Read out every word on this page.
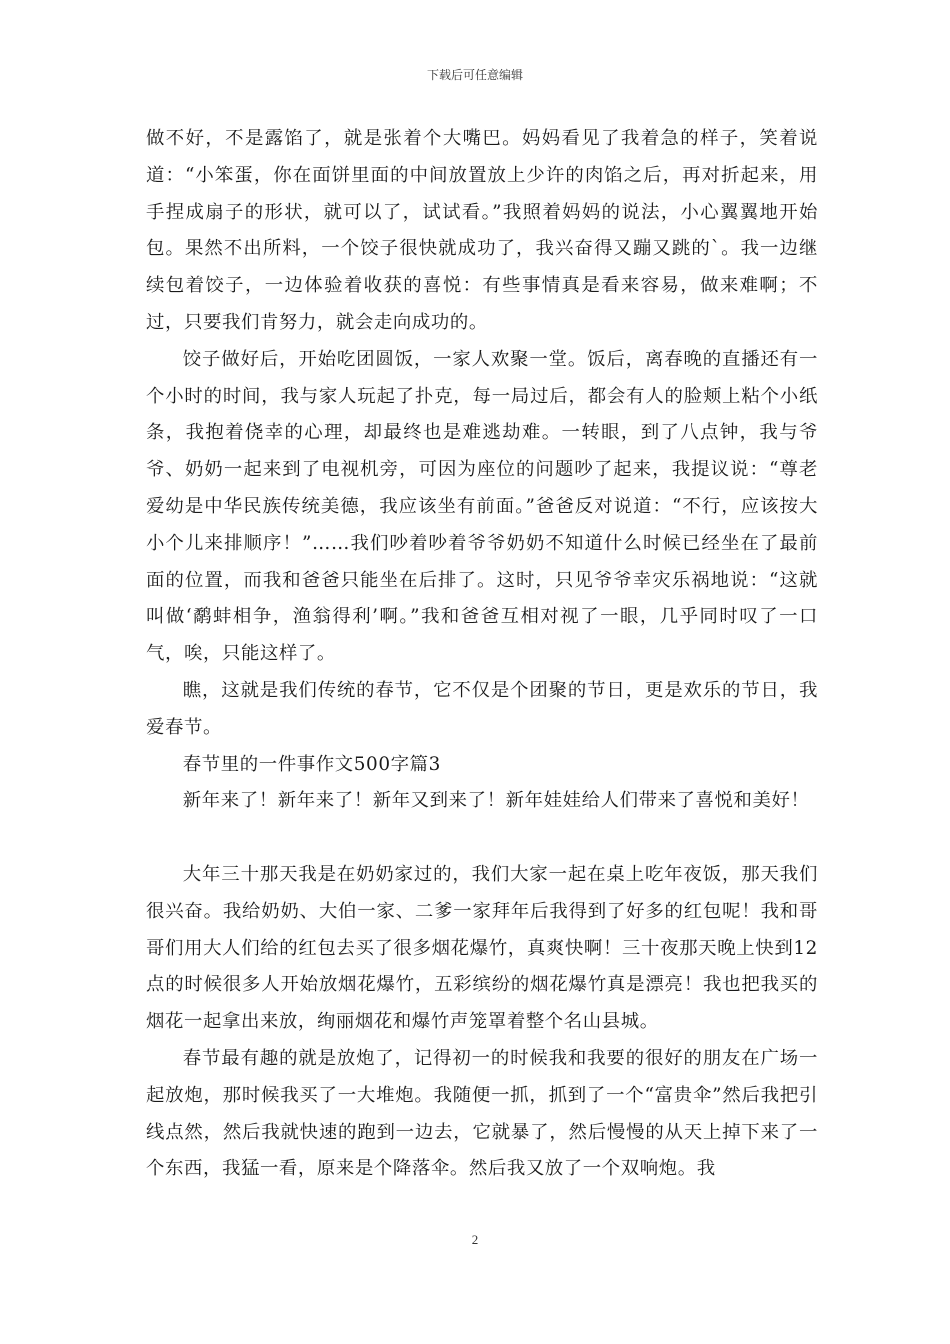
下载后可任意编辑

做不好，不是露馅了，就是张着个大嘴巴。妈妈看见了我着急的样子，笑着说道：“小笨蛋，你在面饼里面的中间放置放上少许的肉馅之后，再对折起来，用手捏成扇子的形状，就可以了，试试看。”我照着妈妈的说法，小心翼翼地开始包。果然不出所料，一个饺子很快就成功了，我兴奋得又蹦又跳的`。我一边继续包着饺子，一边体验着收获的喜悦：有些事情真是看来容易，做来难啊；不过，只要我们肯努力，就会走向成功的。

饺子做好后，开始吃团圆饭，一家人欢聚一堂。饭后，离春晚的直播还有一个小时的时间，我与家人玩起了扑克，每一局过后，都会有人的脸颊上粘个小纸条，我抱着侥幸的心理，却最终也是难逃劫难。一转眼，到了八点钟，我与爷爷、奶奶一起来到了电视机旁，可因为座位的问题吵了起来，我提议说：“尊老爱幼是中华民族传统美德，我应该坐有前面。”爸爸反对说道：“不行，应该按大小个儿来排顺序！”……我们吵着吵着爷爷奶奶不知道什么时候已经坐在了最前面的位置，而我和爸爸只能坐在后排了。这时，只见爷爷幸灾乐祸地说：“这就叫做‘鹬蚌相争，渔翁得利’啊。”我和爸爸互相对视了一眼，几乎同时叹了一口气，唉，只能这样了。

瞧，这就是我们传统的春节，它不仅是个团聚的节日，更是欢乐的节日，我爱春节。

春节里的一件事作文500字篇3

新年来了！新年来了！新年又到来了！新年娃娃给人们带来了喜悦和美好！

大年三十那天我是在奶奶家过的，我们大家一起在桌上吃年夜饭，那天我们很兴奋。我给奶奶、大伯一家、二爹一家拜年后我得到了好多的红包呢！我和哥哥们用大人们给的红包去买了很多烟花爆竹，真爽快啊！三十夜那天晚上快到12点的时候很多人开始放烟花爆竹，五彩缤纷的烟花爆竹真是漂亮！我也把我买的烟花一起拿出来放，绚丽烟花和爆竹声笼罩着整个名山县城。

春节最有趣的就是放炮了，记得初一的时候我和我要的很好的朋友在广场一起放炮，那时候我买了一大堆炮。我随便一抓，抓到了一个“富贵伞”然后我把引线点然，然后我就快速的跑到一边去，它就暴了，然后慢慢的从天上掉下来了一个东西，我猛一看，原来是个降落伞。然后我又放了一个双响炮。我

2
